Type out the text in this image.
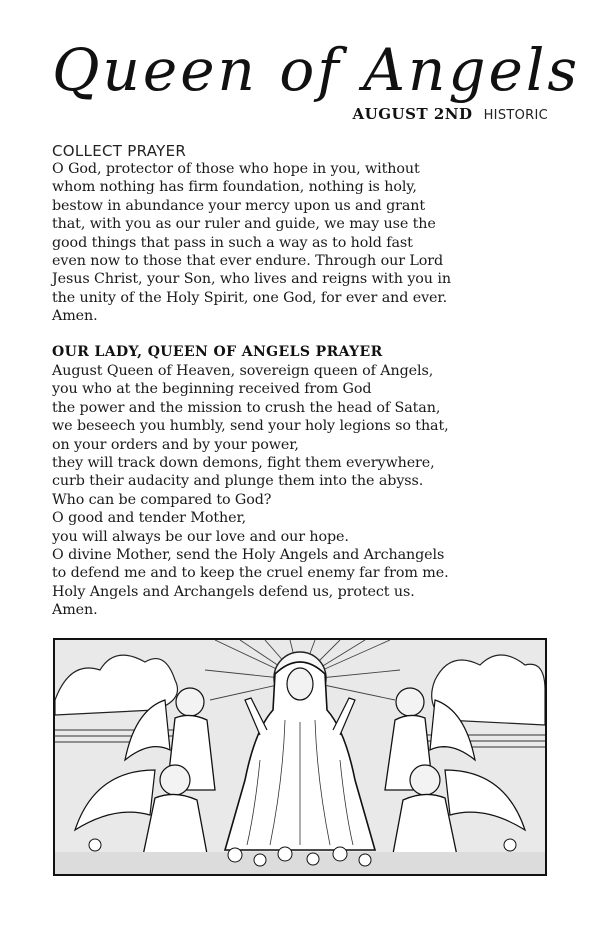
Queen of Angels
AUGUST 2ND HISTORIC
COLLECT PRAYER

O God, protector of those who hope in you, without
whom nothing has firm foundation, nothing is holy,
bestow in abundance your mercy upon us and grant
that, with you as our ruler and guide, we may use the
good things that pass in such a way as to hold fast
even now to those that ever endure. Through our Lord
Jesus Christ, your Son, who lives and reigns with you in
the unity of the Holy Spirit, one God, for ever and ever.
Amen.

OUR LADY, QUEEN OF ANGELS PRAYER

August Queen of Heaven, sovereign queen of Angels,
you who at the beginning received from God
the power and the mission to crush the head of Satan,
we beseech you humbly, send your holy legions so that,
on your orders and by your power,
they will track down demons, fight them everywhere,
curb their audacity and plunge them into the abyss.
Who can be compared to God?
O good and tender Mother,
you will always be our love and our hope.
O divine Mother, send the Holy Angels and Archangels
to defend me and to keep the cruel enemy far from me.
Holy Angels and Archangels defend us, protect us.
Amen.
